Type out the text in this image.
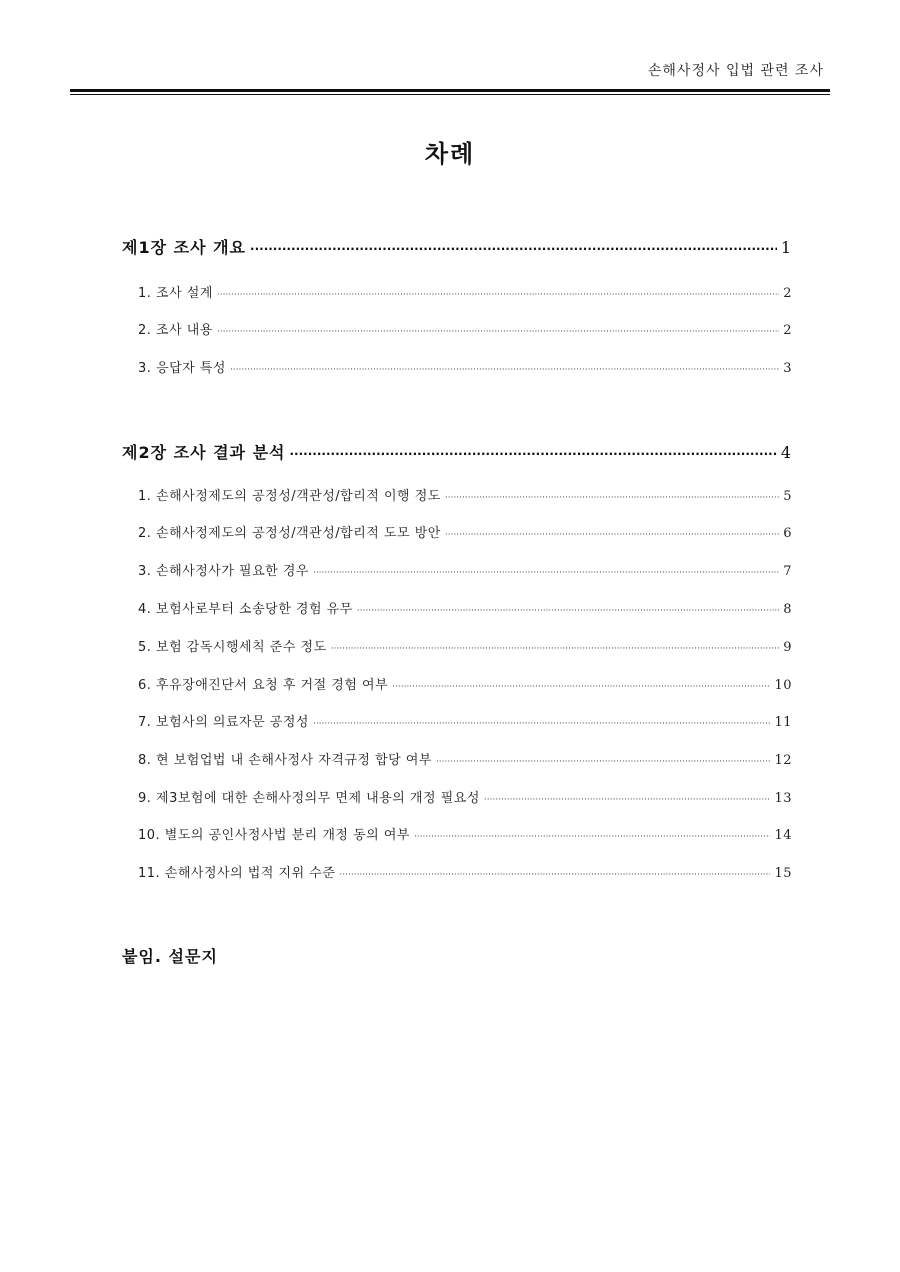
손해사정사 입법 관련 조사
차례
제1장 조사 개요 ·····	1
1. 조사 설계 ·····	2
2. 조사 내용 ·····	2
3. 응답자 특성 ·····	3
제2장 조사 결과 분석 ·····	4
1. 손해사정제도의 공정성/객관성/합리적 이행 정도 ·····	5
2. 손해사정제도의 공정성/객관성/합리적 도모 방안 ·····	6
3. 손해사정사가 필요한 경우 ·····	7
4. 보험사로부터 소송당한 경험 유무 ·····	8
5. 보험 감독시행세칙 준수 정도 ·····	9
6. 후유장애진단서 요청 후 거절 경험 여부 ·····	10
7. 보험사의 의료자문 공정성 ·····	11
8. 현 보험업법 내 손해사정사 자격규정 합당 여부 ·····	12
9. 제3보험에 대한 손해사정의무 면제 내용의 개정 필요성 ·····	13
10. 별도의 공인사정사법 분리 개정 동의 여부 ·····	14
11. 손해사정사의 법적 지위 수준 ·····	15
붙임. 설문지
